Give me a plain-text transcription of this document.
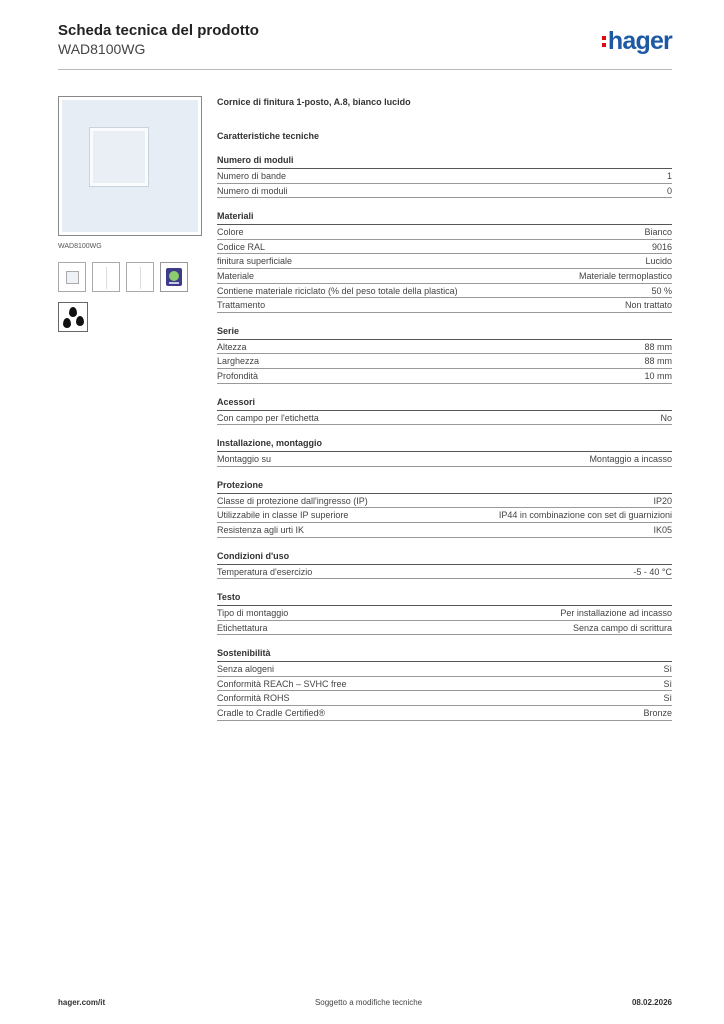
Scheda tecnica del prodotto
WAD8100WG	hager
WAD8100WG
Cornice di finitura 1-posto, A.8, bianco lucido
Caratteristiche tecniche
Numero di moduli
Numero di bande	1
Numero di moduli	0
Materiali
Colore	Bianco
Codice RAL	9016
finitura superficiale	Lucido
Materiale	Materiale termoplastico
Contiene materiale riciclato (% del peso totale della plastica)	50 %
Trattamento	Non trattato
Serie
Altezza	88 mm
Larghezza	88 mm
Profondità	10 mm
Acessori
Con campo per l'etichetta	No
Installazione, montaggio
Montaggio su	Montaggio a incasso
Protezione
Classe di protezione dall'ingresso (IP)	IP20
Utilizzabile in classe IP superiore	IP44 in combinazione con set di guarnizioni
Resistenza agli urti IK	IK05
Condizioni d'uso
Temperatura d'esercizio	-5 - 40 °C
Testo
Tipo di montaggio	Per installazione ad incasso
Etichettatura	Senza campo di scrittura
Sostenibilità
Senza alogeni	Sì
Conformità REACh – SVHC free	Sì
Conformità ROHS	Sì
Cradle to Cradle Certified®	Bronze
hager.com/it	Soggetto a modifiche tecniche	08.02.2026
